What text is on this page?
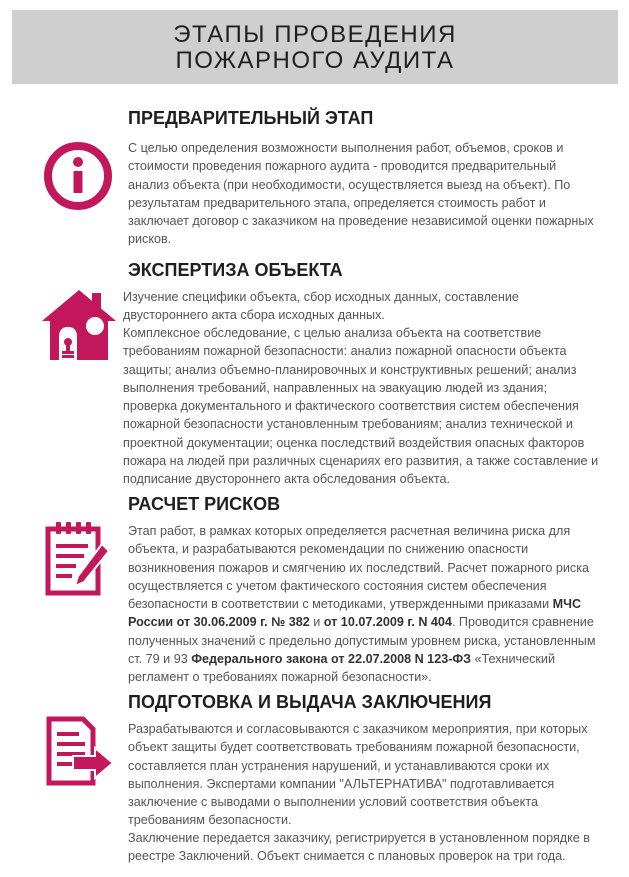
ЭТАПЫ ПРОВЕДЕНИЯ
ПОЖАРНОГО АУДИТА
ПРЕДВАРИТЕЛЬНЫЙ ЭТАП

С целью определения возможности выполнения работ, объемов, сроков и стоимости проведения пожарного аудита - проводится предварительный анализ объекта (при необходимости, осуществляется выезд на объект). По результатам предварительного этапа, определяется стоимость работ и заключает договор с заказчиком на проведение независимой оценки пожарных рисков.

ЭКСПЕРТИЗА ОБЪЕКТА

Изучение специфики объекта, сбор исходных данных, составление двустороннего акта сбора исходных данных.

Комплексное обследование, с целью анализа объекта на соответствие требованиям пожарной безопасности: анализ пожарной опасности объекта защиты; анализ объемно-планировочных и конструктивных решений; анализ выполнения требований, направленных на эвакуацию людей из здания; проверка документального и фактического соответствия систем обеспечения пожарной безопасности установленным требованиям; анализ технической и проектной документации; оценка последствий воздействия опасных факторов пожара на людей при различных сценариях его развития, а также составление и подписание двустороннего акта обследования объекта.

РАСЧЕТ РИСКОВ

Этап работ, в рамках которых определяется расчетная величина риска для объекта, и разрабатываются рекомендации по снижению опасности возникновения пожаров и смягчению их последствий. Расчет пожарного риска осуществляется с учетом фактического состояния систем обеспечения безопасности в соответствии с методиками, утвержденными приказами МЧС России от 30.06.2009 г. № 382 и от 10.07.2009 г. N 404. Проводится сравнение полученных значений с предельно допустимым уровнем риска, установленным ст. 79 и 93 Федерального закона от 22.07.2008 N 123-ФЗ «Технический регламент о требованиях пожарной безопасности».

ПОДГОТОВКА И ВЫДАЧА ЗАКЛЮЧЕНИЯ

Разрабатываются и согласовываются с заказчиком мероприятия, при которых объект защиты будет соответствовать требованиям пожарной безопасности, составляется план устранения нарушений, и устанавливаются сроки их выполнения. Экспертами компании "АЛЬТЕРНАТИВА" подготавливается заключение с выводами о выполнении условий соответствия объекта требованиям безопасности.

Заключение передается заказчику, регистрируется в установленном порядке в реестре Заключений. Объект снимается с плановых проверок на три года.
